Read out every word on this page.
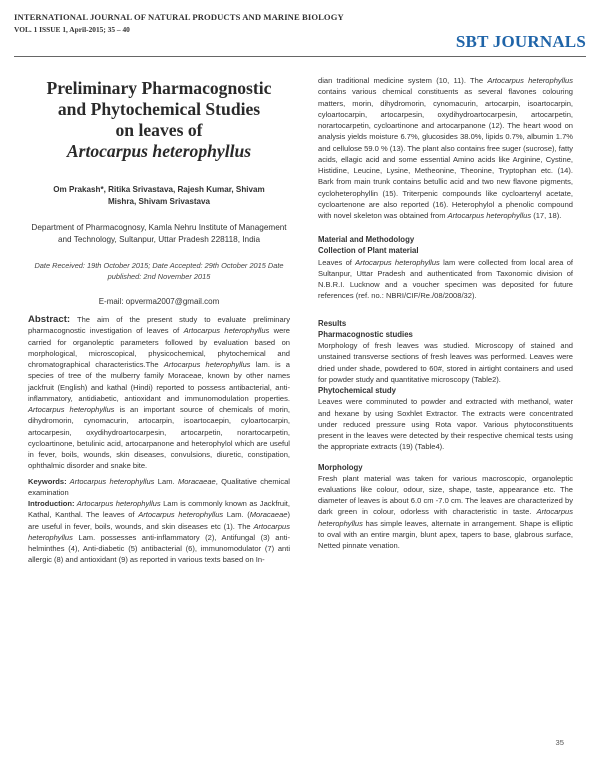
INTERNATIONAL JOURNAL OF NATURAL PRODUCTS AND MARINE BIOLOGY
VOL. 1 ISSUE 1, April-2015; 35 – 40
SBT JOURNALS
Preliminary Pharmacognostic
and Phytochemical Studies
on leaves of
Artocarpus heterophyllus
Om Prakash*, Ritika Srivastava, Rajesh Kumar, Shivam
Mishra, Shivam Srivastava
Department of Pharmacognosy, Kamla Nehru Institute of Management and Technology, Sultanpur, Uttar Pradesh 228118, India
Date Received: 19th October 2015; Date Accepted: 29th October 2015 Date published: 2nd November 2015
E-mail: opverma2007@gmail.com
Abstract: The aim of the present study to evaluate preliminary pharmacognostic investigation of leaves of Artocarpus heterophyllus were carried for organoleptic parameters followed by evaluation based on morphological, microscopical, physicochemical, phytochemical and chromatographical characteristics.The Artocarpus heterophyllus lam. is a species of tree of the mulberry family Moraceae, known by other names jackfruit (English) and kathal (Hindi) reported to possess antibacterial, anti-inflammatory, antidiabetic, antioxidant and immunomodulation properties. Artocarpus heterophyllus is an important source of chemicals of morin, dihydromorin, cynomacurin, artocarpin, isoartocaepin, cyloartocarpin, artocarpesin, oxydihydroartocarpesin, artocarpetin, norartocarpetin, cycloartinone, betulinic acid, artocarpanone and heterophylol which are useful in fever, boils, wounds, skin diseases, convulsions, diuretic, constipation, ophthalmic disorder and snake bite.
Keywords: Artocarpus heterophyllus Lam. Moracaeae, Qualitative chemical examination
Introduction: Artocarpus heterophyllus Lam is commonly known as Jackfruit, Kathal, Kanthal. The leaves of Artocarpus heterophyllus Lam. (Moracaeae) are useful in fever, boils, wounds, and skin diseases etc (1). The Artocarpus heterophyllus Lam. possesses anti-inflammatory (2), Antifungal (3) anti-helminthes (4), Anti-diabetic (5) antibacterial (6), immunomodulator (7) anti allergic (8) and antioxidant (9) as reported in various texts based on In-
dian traditional medicine system (10, 11). The Artocarpus heterophyllus contains various chemical constituents as several flavones colouring matters, morin, dihydromorin, cynomacurin, artocarpin, isoartocarpin, cyloartocarpin, artocarpesin, oxydihydroartocarpesin, artocarpetin, norartocarpetin, cycloartinone and artocarpanone (12). The heart wood on analysis yields moisture 6.7%, glucosides 38.0%, lipids 0.7%, albumin 1.7% and cellulose 59.0 % (13). The plant also contains free suger (sucrose), fatty acids, ellagic acid and some essential Amino acids like Arginine, Cystine, Histidine, Leucine, Lysine, Metheonine, Theonine, Tryptophan etc. (14). Bark from main trunk contains betullic acid and two new flavone pigments, cycloheterophyllin (15). Triterpenic compounds like cycloartenyl acetate, cycloartenone are also reported (16). Heterophylol a phenolic compound with novel skeleton was obtained from Artocarpus heterophyllus (17, 18).
Material and Methodology
Collection of Plant material
Leaves of Artocarpus heterophyllus lam were collected from local area of Sultanpur, Uttar Pradesh and authenticated from Taxonomic division of N.B.R.I. Lucknow and a voucher specimen was deposited for future references (ref. no.: NBRI/CIF/Re./08/2008/32).
Results
Pharmacognostic studies
Morphology of fresh leaves was studied. Microscopy of stained and unstained transverse sections of fresh leaves was performed. Leaves were dried under shade, powdered to 60#, stored in airtight containers and used for powder study and quantitative microscopy (Table2).
Phytochemical study
Leaves were comminuted to powder and extracted with methanol, water and hexane by using Soxhlet Extractor. The extracts were concentrated under reduced pressure using Rota vapor. Various phytoconstituents present in the leaves were detected by their respective chemical tests using the appropriate extracts (19) (Table4).
Morphology
Fresh plant material was taken for various macroscopic, organoleptic evaluations like colour, odour, size, shape, taste, appearance etc. The diameter of leaves is about 6.0 cm -7.0 cm. The leaves are characterized by dark green in colour, odorless with characteristic in taste. Artocarpus heterophyllus has simple leaves, alternate in arrangement. Shape is elliptic to oval with an entire margin, blunt apex, tapers to base, glabrous surface, Netted pinnate venation.
35
